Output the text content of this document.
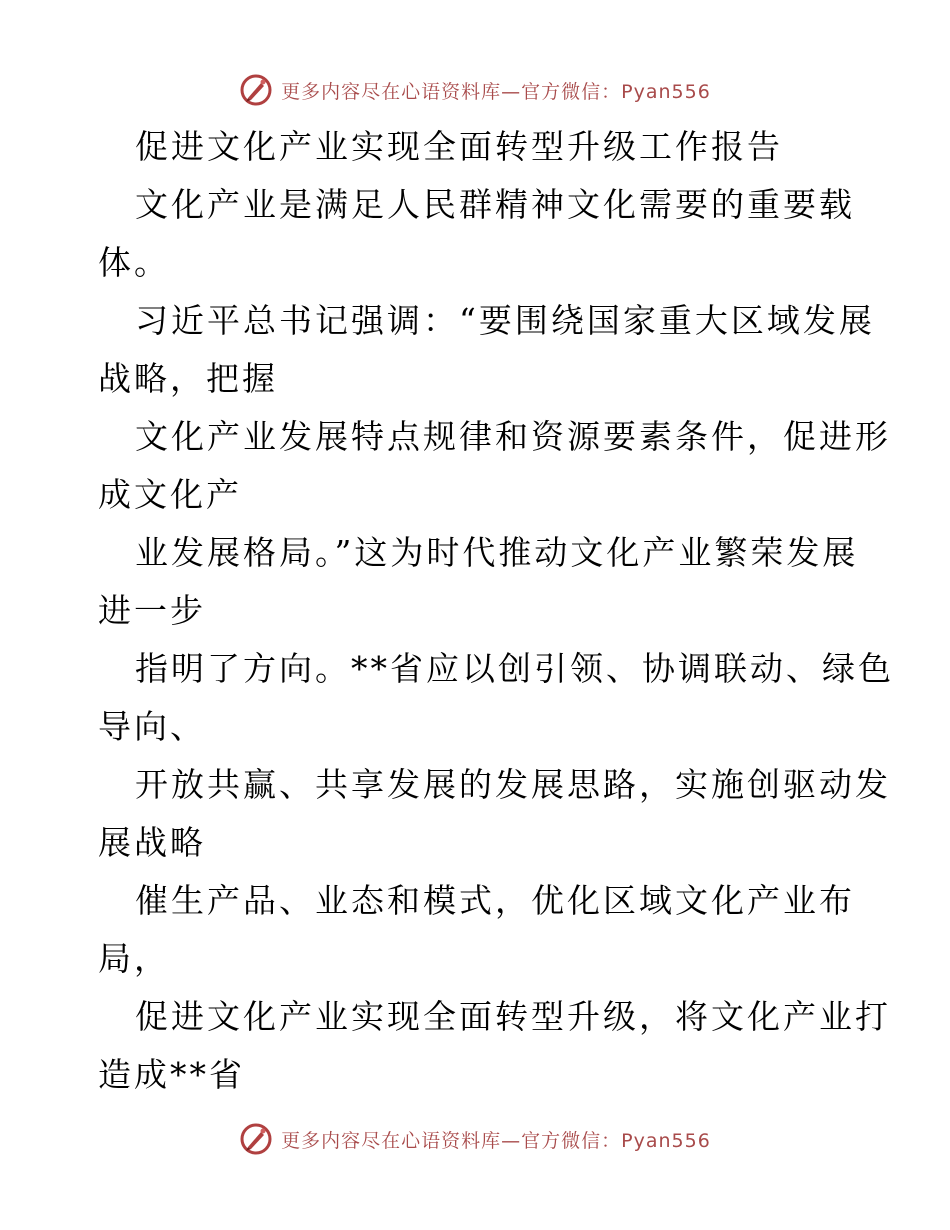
更多内容尽在心语资料库—官方微信：Pyan556
促进文化产业实现全面转型升级工作报告
文化产业是满足人民群精神文化需要的重要载
体。
习近平总书记强调：“要围绕国家重大区域发展
战略，把握
文化产业发展特点规律和资源要素条件，促进形
成文化产
业发展格局。”这为时代推动文化产业繁荣发展
进一步
指明了方向。**省应以创引领、协调联动、绿色
导向、
开放共赢、共享发展的发展思路，实施创驱动发
展战略
催生产品、业态和模式，优化区域文化产业布
局，
促进文化产业实现全面转型升级，将文化产业打
造成**省
更多内容尽在心语资料库—官方微信：Pyan556
